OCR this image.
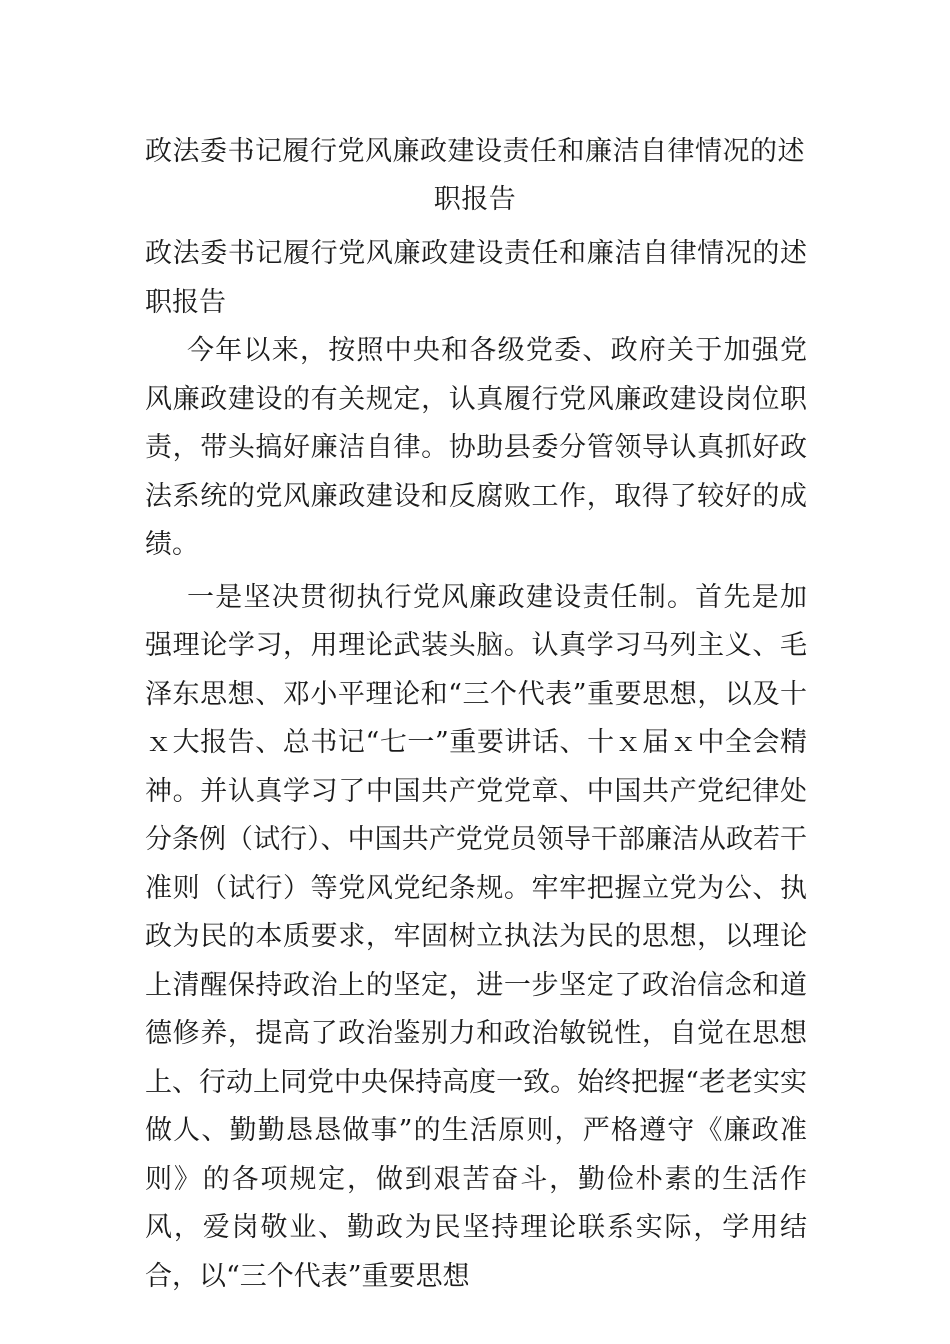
政法委书记履行党风廉政建设责任和廉洁自律情况的述职报告

政法委书记履行党风廉政建设责任和廉洁自律情况的述职报告

今年以来，按照中央和各级党委、政府关于加强党风廉政建设的有关规定，认真履行党风廉政建设岗位职责，带头搞好廉洁自律。协助县委分管领导认真抓好政法系统的党风廉政建设和反腐败工作，取得了较好的成绩。

一是坚决贯彻执行党风廉政建设责任制。首先是加强理论学习，用理论武装头脑。认真学习马列主义、毛泽东思想、邓小平理论和“三个代表”重要思想，以及十ｘ大报告、总书记“七一”重要讲话、十ｘ届ｘ中全会精神。并认真学习了中国共产党党章、中国共产党纪律处分条例（试行）、中国共产党党员领导干部廉洁从政若干准则（试行）等党风党纪条规。牢牢把握立党为公、执政为民的本质要求，牢固树立执法为民的思想，以理论上清醒保持政治上的坚定，进一步坚定了政治信念和道德修养，提高了政治鉴别力和政治敏锐性，自觉在思想上、行动上同党中央保持高度一致。始终把握“老老实实做人、勤勤恳恳做事”的生活原则，严格遵守《廉政准则》的各项规定，做到艰苦奋斗，勤俭朴素的生活作风，爱岗敬业、勤政为民坚持理论联系实际，学用结合，以“三个代表”重要思想
